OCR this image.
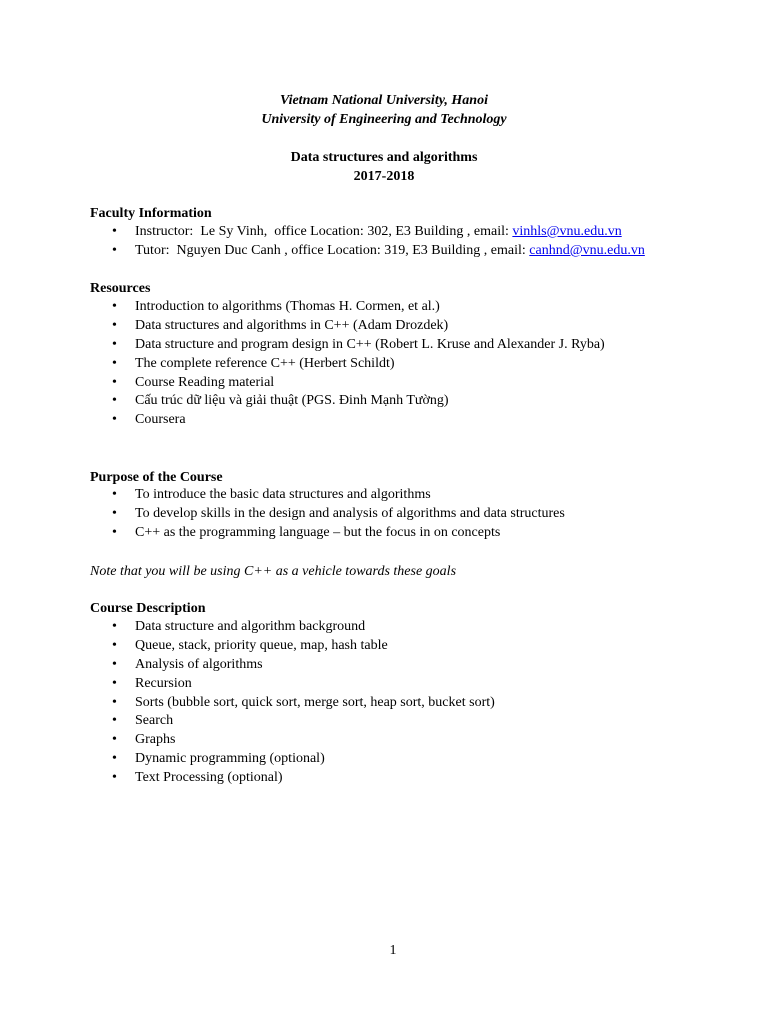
Vietnam National University, Hanoi
University of Engineering and Technology
Data structures and algorithms
2017-2018
Faculty Information
• Instructor:  Le Sy Vinh,  office Location: 302, E3 Building , email: vinhls@vnu.edu.vn
• Tutor:  Nguyen Duc Canh , office Location: 319, E3 Building , email: canhnd@vnu.edu.vn
Resources
• Introduction to algorithms (Thomas H. Cormen, et al.)
• Data structures and algorithms in C++ (Adam Drozdek)
• Data structure and program design in C++ (Robert L. Kruse and Alexander J. Ryba)
• The complete reference C++ (Herbert Schildt)
• Course Reading material
• Cấu trúc dữ liệu và giải thuật (PGS. Đinh Mạnh Tường)
• Coursera
Purpose of the Course
• To introduce the basic data structures and algorithms
• To develop skills in the design and analysis of algorithms and data structures
• C++ as the programming language – but the focus in on concepts
Note that you will be using C++ as a vehicle towards these goals
Course Description
• Data structure and algorithm background
• Queue, stack, priority queue, map, hash table
• Analysis of algorithms
• Recursion
• Sorts (bubble sort, quick sort, merge sort, heap sort, bucket sort)
• Search
• Graphs
• Dynamic programming (optional)
• Text Processing (optional)
1
